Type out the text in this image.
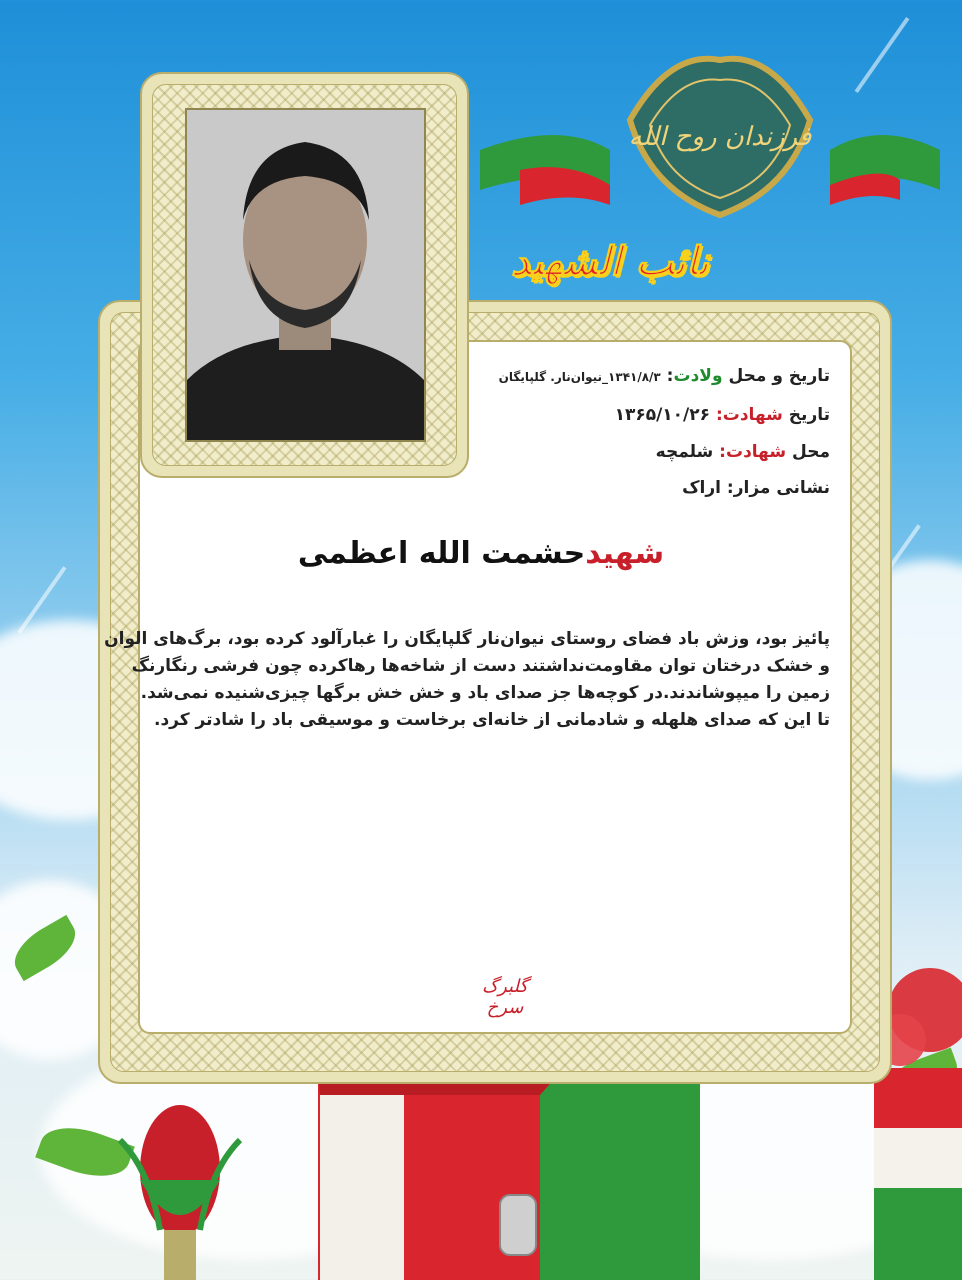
فرزندان روح الله
نائب الشهید
تاریخ و محل ولادت: ۱۳۴۱/۸/۳_نیوان‌نار. گلپایگان
تاریخ شهادت: ۱۳۶۵/۱۰/۲۶
محل شهادت: شلمچه
نشانی مزار: اراک
شهیدحشمت الله اعظمی

پائیز بود، وزش باد فضای روستای نیوان‌نار گلپایگان را غبارآلود کرده بود، برگ‌های الوان

و خشک درختان توان مقاومت‌نداشتند دست از شاخه‌ها رهاکرده چون فرشی رنگارنگ

زمین را میپوشاندند.در کوچه‌ها جز صدای باد و خش خش برگها چیزی‌شنیده نمی‌شد.

تا این که صدای هلهله و شادمانی از خانه‌ای برخاست و موسیقی باد را شادتر کرد.

گلبرگ سرخ
